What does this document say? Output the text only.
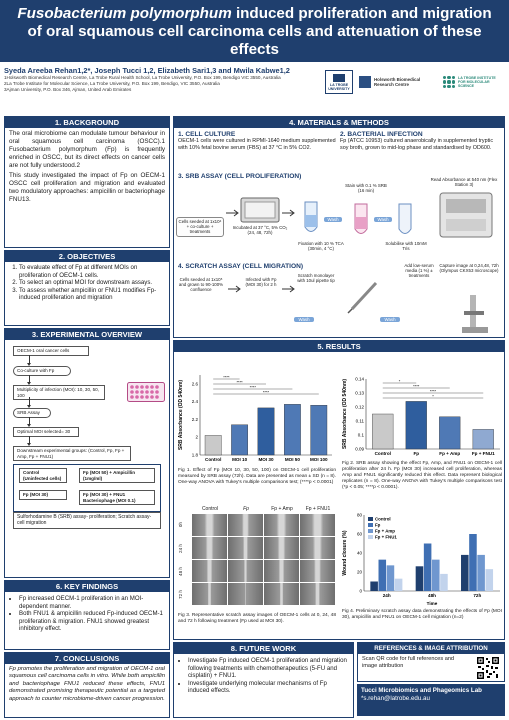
Fusobacterium polymorphum induced proliferation and migration of oral squamous cell carcinoma cells and attenuation of these effects
Syeda Areeba Rehan1,2*, Joseph Tucci 1,2, Elizabeth Sari1,3 and Mwila Kabwe1,2
1Holsworth Biomedical Research Centre, La Trobe Rural Health School, La Trobe University, P.O. Box 199, Bendigo VIC 3550, Australia
2La Trobe Institute for Molecular Science, La Trobe University, P.O. Box 199, Bendigo, VIC 3550, Australia
3Ajman University, P.O. Box 346, Ajman, United Arab Emirates
LA TROBE
UNIVERSITY
Holsworth Biomedical Research Centre
LA TROBE INSTITUTE FOR MOLECULAR SCIENCE
1. BACKGROUND
The oral microbiome can modulate tumour behaviour in oral squamous cell carcinoma (OSCC).1 Fusobacterium polymorphum (Fp) is frequently enriched in OSCC, but its direct effects on cancer cells are not fully understood.2
This study investigated the impact of Fp on OECM-1 OSCC cell proliferation and migration and evaluated two modulatory approaches: ampicillin or bacteriophage FNU13.
2. OBJECTIVES
1. To evaluate effect of Fp at different MOIs on proliferation of OECM-1 cells.
2. To select an optimal MOI for downstream assays.
3. To assess whether ampicillin or FNU1 modifies Fp-induced proliferation and migration
3. EXPERIMENTAL OVERVIEW
OECM-1 oral cancer cells
Co-culture with Fp
Multiplicity of infection (MOI): 10, 30, 50, 100
SRB Assay
Optimal MOI selected= 30
Downstream experimental groups: (Control, Fp, Fp + Amp, Fp + FNU1)
Control (Uninfected cells)
Fp (MOI 50) + Ampicillin (1mg/ml)
Fp (MOI 30)	Fp (MOI 30) + FNU1 Bacteriophage (MOI 0.1)
Sulforhodamine B (SRB) assay- proliferation; Scratch assay- cell migration
6. KEY FINDINGS
• Fp increased OECM-1 proliferation in an MOI-dependent manner.
• Both FNU1 & ampicillin reduced Fp-induced OECM-1 proliferation & migration. FNU1 showed greatest inhibitory effect.
7. CONCLUSIONS
Fp promotes the proliferation and migration of OECM-1 oral squamous cell carcinoma cells in vitro. While both ampicillin and bacteriophage FNU1 reduced these effects, FNU1 demonstrated promising therapeutic potential as a targeted approach to counter microbiome-driven cancer progression.
4. MATERIALS & METHODS
1. CELL CULTURE
OECM-1 cells were cultured in RPMI-1640 medium supplemented with 10% fetal bovine serum (FBS) at 37 °C in 5% CO2.
2. BACTERIAL INFECTION
Fp (ATCC 10953) cultured anaerobically in supplemented tryptic soy broth, grown to mid-log phase and standardised by OD600.
3. SRB ASSAY (CELL PROLIFERATION)
Cells seeded at 1x10⁴ + co-culture + treatments
Incubated at 37 °C, 5% CO₂ (24, 48, 72h)
Fixation with 10 % TCA (30min, 4 °C)
Stain with 0.1 % SRB (16 min)
Wash	Wash
Solubilise with 10mM Tris
Read Absorbance at 540 nm (Flex Station 3)
4. SCRATCH ASSAY (CELL MIGRATION)
Cells seeded at 1x10⁵ and grown to 90-100% confluence
Infected with Fp (MOI 30) for 2 h
Scratch monolayer with 10ul pipette tip
Wash	Wash
Add low-serum media (1 %) ± treatments
Capture image at 0,24,48, 72h (Olympus CKX53 microscope)
5. RESULTS
1.8
2
2.2
2.4
2.6
SRB Absorbance (OD 540nm)
Control MOI 10 MOI 30 MOI 50 MOI 100
****
****
****
****
Fig 1. Effect of Fp (MOI 10, 30, 50, 100) on OECM-1 cell proliferation measured by SRB assay (72h). Data are presented as mean ± SD (n = 8). One-way ANOVA with Tukey's multiple comparisons test; (****p < 0.0001)
0.09
0.1
0.11
0.12
0.13
0.14
SRB Absorbance (OD 540nm)
Control	Fp	Fp + Amp	Fp + FNU1
*
****
****
*
Fig 2. SRB assay showing the effect Fp, Amp, and FNU1 on OECM-1 cell proliferation after 24 h. Fp (MOI 30) increased cell proliferation, whereas Amp and FNU1 significantly reduced this effect. Data represent biological replicates (n = 8). One-way ANOVA with Tukey's multiple comparisons test (*p < 0.05; ****p < 0.0001).
Control	Fp	Fp + Amp	Fp + FNU1
0h
24 h
48 h
72 h
Fig 3. Representative scratch assay images of OECM-1 cells at 0, 24, 48 and 72 h following treatment (Fp used at MOI 30).
0
20
40
60
80
Wound closure (%)
Time
24h	48h	72h
Control
Fp
Fp + Amp
Fp + FNU1
Fig 4. Preliminary scratch assay data demonstrating the effects of Fp (MOI 30), ampicillin and FNU1 on OECM-1 cell migration (n=2)
8. FUTURE WORK
• Investigate Fp induced OECM-1 proliferation and migration following treatments with chemotherapeutics (5-FU and cisplatin) + FNU1.
• Investigate underlying molecular mechanisms of Fp induced effects.
REFERENCES & IMAGE ATTRIBUTION
Scan QR code for full references and image attribution
Tucci Microbiomics and Phageomics Lab
*s.rehan@latrobe.edu.au
